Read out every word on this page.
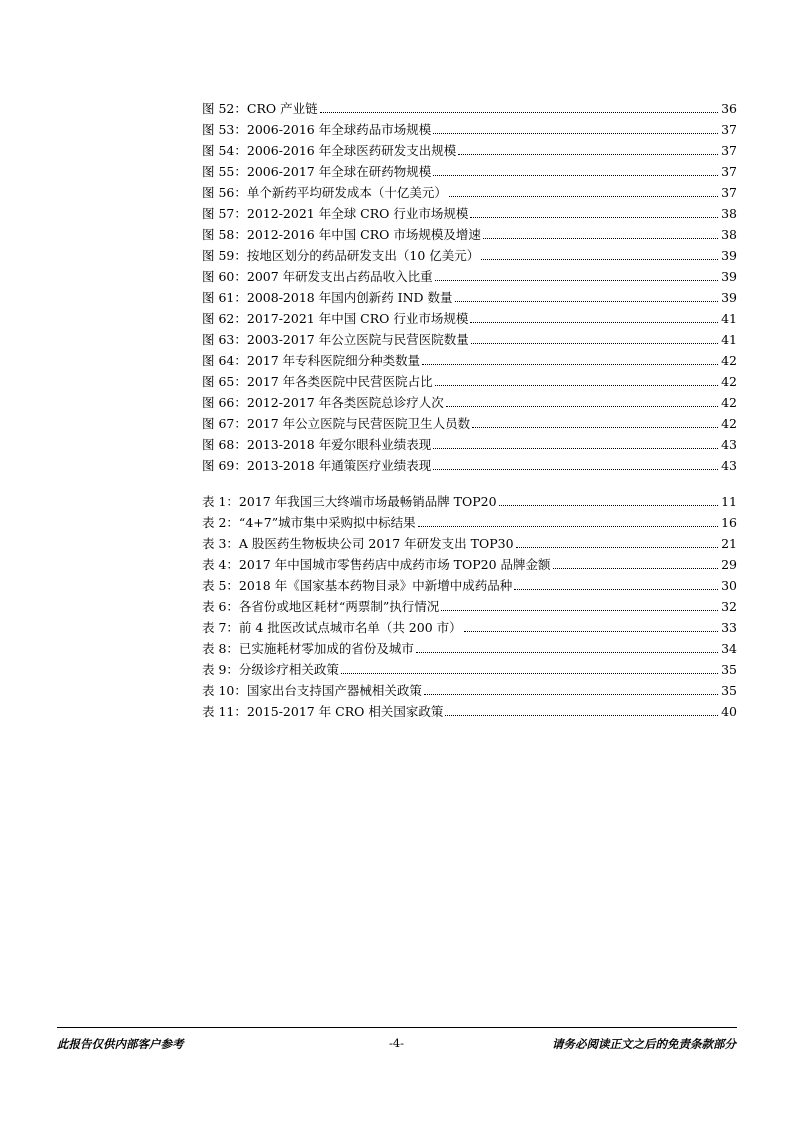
图 52：CRO 产业链	36
图 53：2006-2016 年全球药品市场规模	37
图 54：2006-2016 年全球医药研发支出规模	37
图 55：2006-2017 年全球在研药物规模	37
图 56：单个新药平均研发成本（十亿美元）	37
图 57：2012-2021 年全球 CRO 行业市场规模	38
图 58：2012-2016 年中国 CRO 市场规模及增速	38
图 59：按地区划分的药品研发支出（10 亿美元）	39
图 60：2007 年研发支出占药品收入比重	39
图 61：2008-2018 年国内创新药 IND 数量	39
图 62：2017-2021 年中国 CRO 行业市场规模	41
图 63：2003-2017 年公立医院与民营医院数量	41
图 64：2017 年专科医院细分种类数量	42
图 65：2017 年各类医院中民营医院占比	42
图 66：2012-2017 年各类医院总诊疗人次	42
图 67：2017 年公立医院与民营医院卫生人员数	42
图 68：2013-2018 年爱尔眼科业绩表现	43
图 69：2013-2018 年通策医疗业绩表现	43
表 1：2017 年我国三大终端市场最畅销品牌 TOP20	11
表 2：“4+7”城市集中采购拟中标结果	16
表 3：A 股医药生物板块公司 2017 年研发支出 TOP30	21
表 4：2017 年中国城市零售药店中成药市场 TOP20 品牌金额	29
表 5：2018 年《国家基本药物目录》中新增中成药品种	30
表 6：各省份或地区耗材“两票制”执行情况	32
表 7：前 4 批医改试点城市名单（共 200 市）	33
表 8：已实施耗材零加成的省份及城市	34
表 9：分级诊疗相关政策	35
表 10：国家出台支持国产器械相关政策	35
表 11：2015-2017 年 CRO 相关国家政策	40
此报告仅供内部客户参考	-4-	请务必阅读正文之后的免责条款部分
